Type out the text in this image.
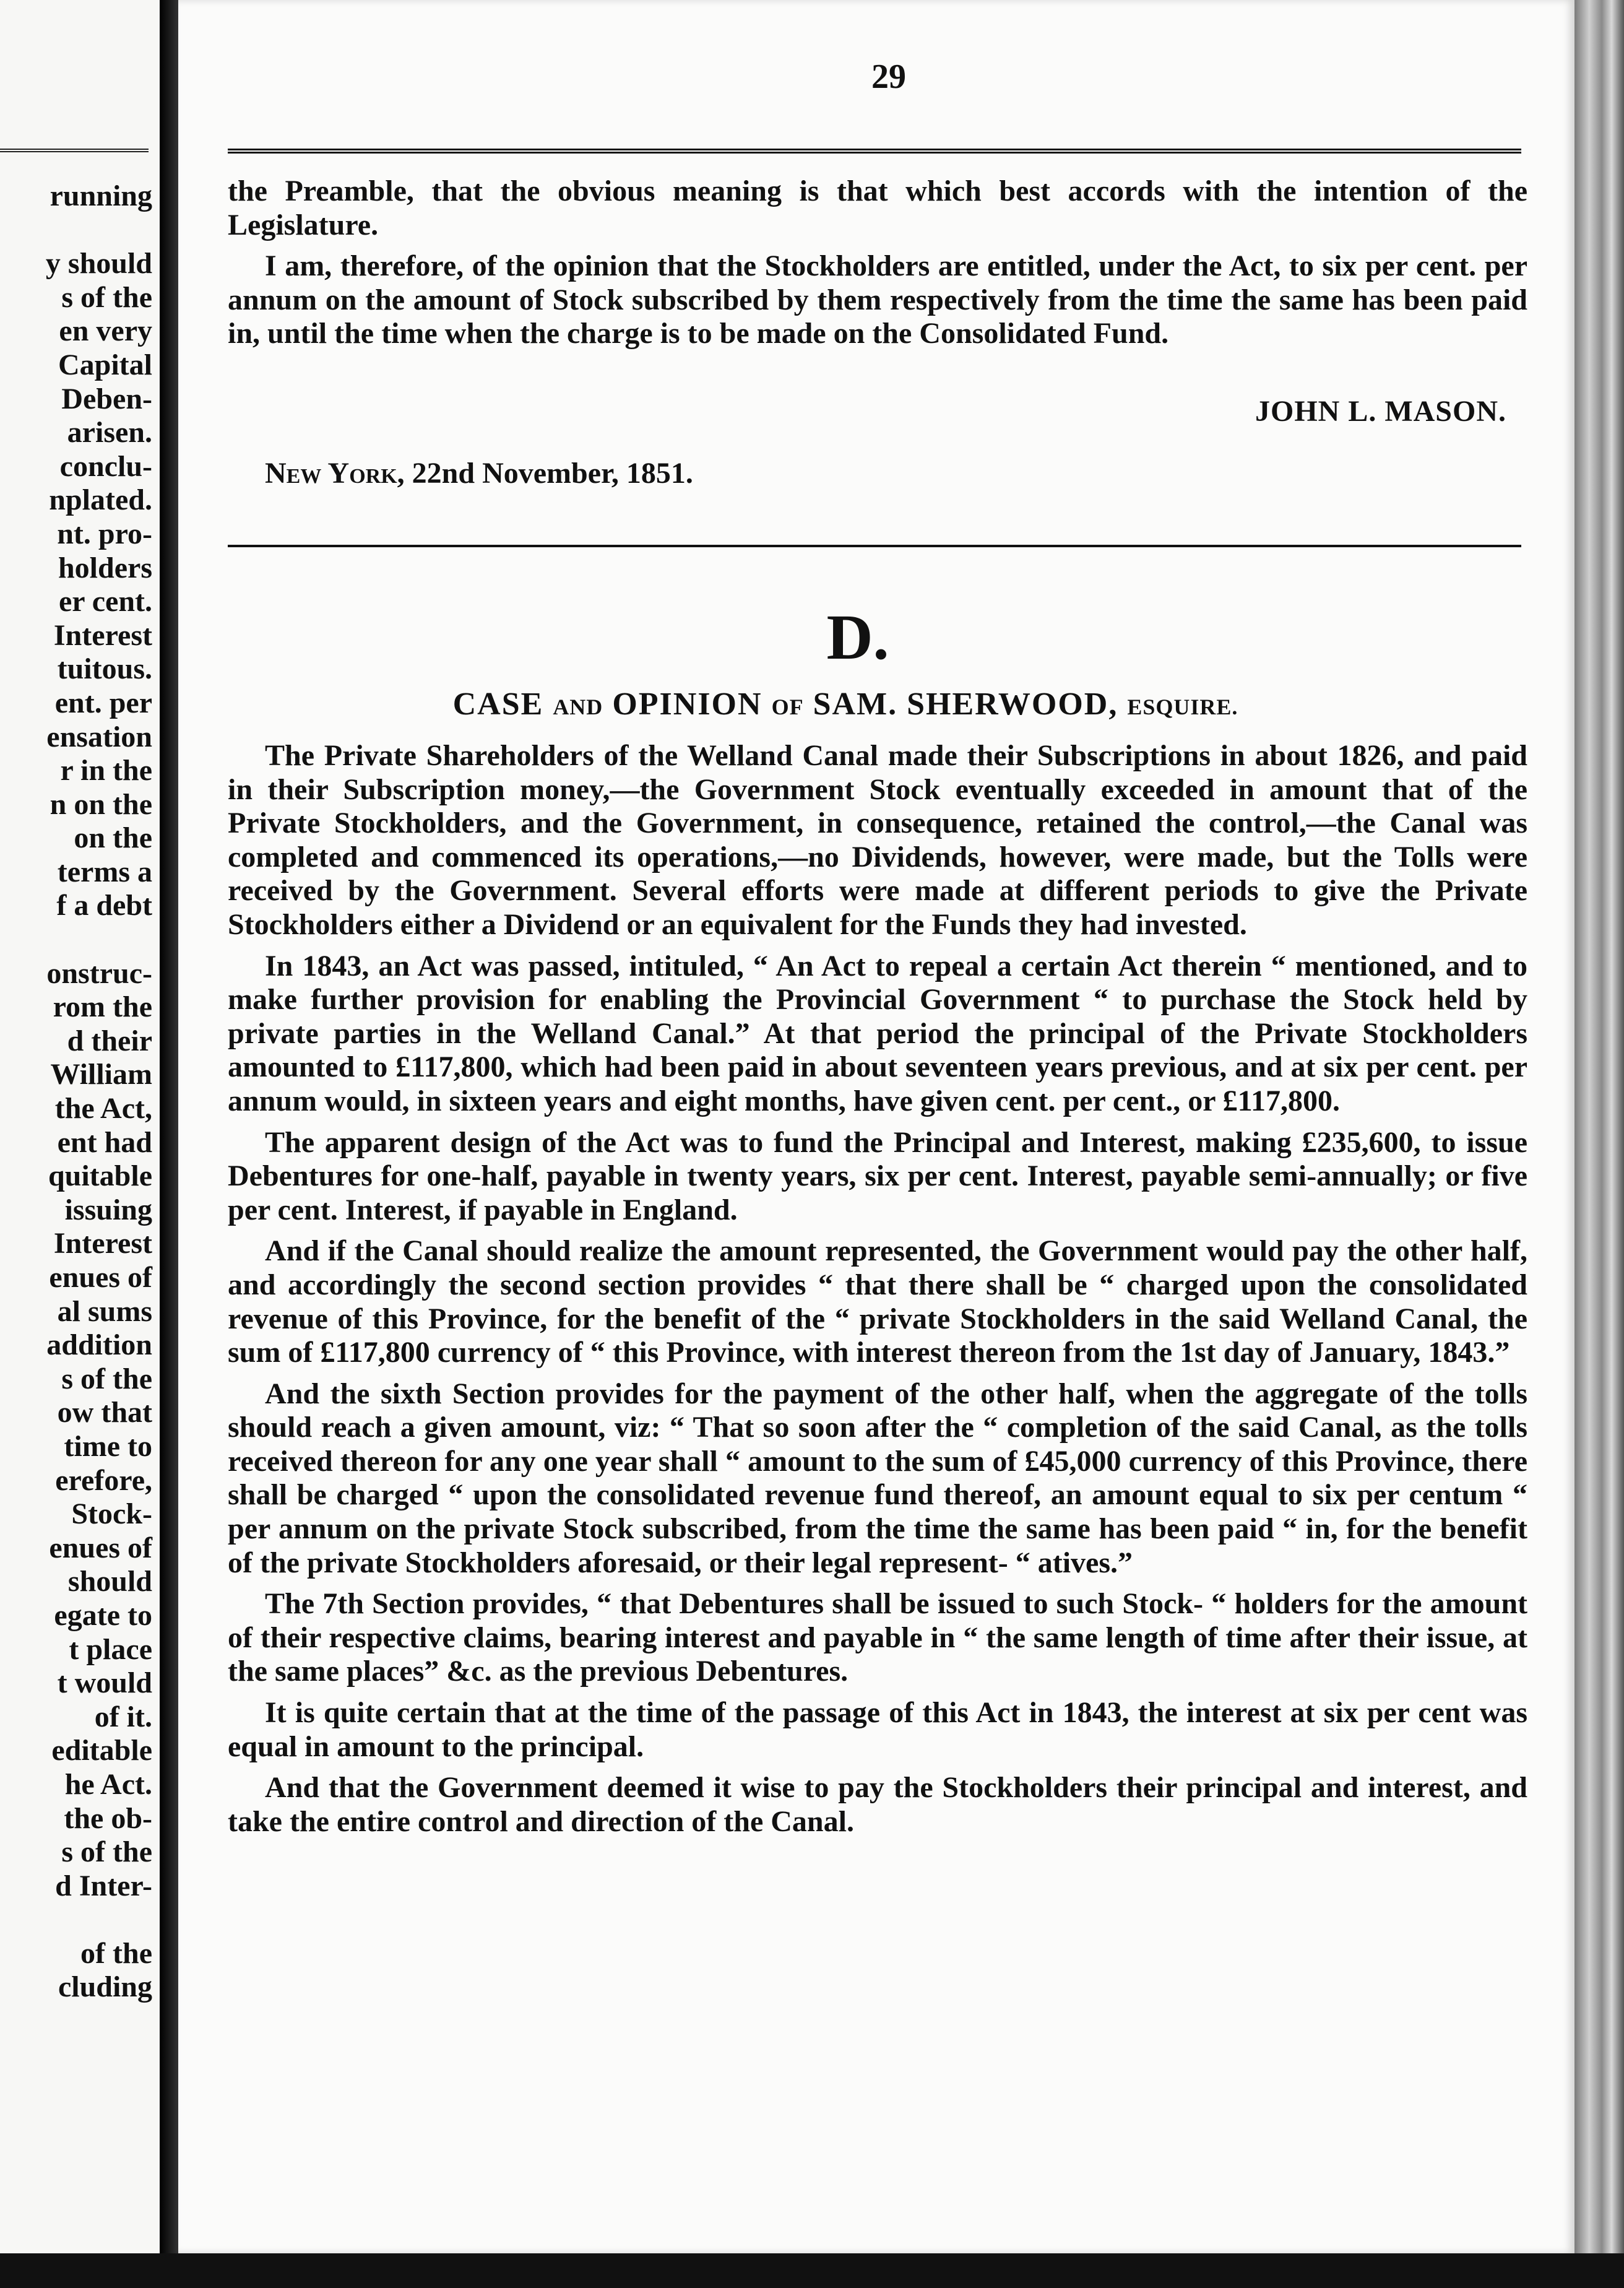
running

y should
s of the
en very
Capital
Deben-
arisen.
conclu-
nplated.
nt. pro-
holders
er cent.
Interest
tuitous.
ent. per
ensation
r in the
n on the
on the
terms a
f a debt

onstruc-
rom the
d their
William
the Act,
ent had
quitable
issuing
Interest
enues of
al sums
addition
s of the
ow that
time to
erefore,
Stock-
enues of
should
egate to
t place
t would
of it.
editable
he Act.
the ob-
s of the
d Inter-

of the
cluding
29

the Preamble, that the obvious meaning is that which best accords with the intention of the Legislature.

I am, therefore, of the opinion that the Stockholders are entitled, under the Act, to six per cent. per annum on the amount of Stock subscribed by them respectively from the time the same has been paid in, until the time when the charge is to be made on the Consolidated Fund.

JOHN L. MASON.
New York, 22nd November, 1851.
D.
CASE AND OPINION OF SAM. SHERWOOD, ESQUIRE.

The Private Shareholders of the Welland Canal made their Subscriptions in about 1826, and paid in their Subscription money,—the Government Stock eventually exceeded in amount that of the Private Stockholders, and the Government, in consequence, retained the control,—the Canal was completed and commenced its operations,—no Dividends, however, were made, but the Tolls were received by the Government. Several efforts were made at different periods to give the Private Stockholders either a Dividend or an equivalent for the Funds they had invested.

In 1843, an Act was passed, intituled, “ An Act to repeal a certain Act therein “ mentioned, and to make further provision for enabling the Provincial Government “ to purchase the Stock held by private parties in the Welland Canal.” At that period the principal of the Private Stockholders amounted to £117,800, which had been paid in about seventeen years previous, and at six per cent. per annum would, in sixteen years and eight months, have given cent. per cent., or £117,800.

The apparent design of the Act was to fund the Principal and Interest, making £235,600, to issue Debentures for one-half, payable in twenty years, six per cent. Interest, payable semi-annually; or five per cent. Interest, if payable in England.

And if the Canal should realize the amount represented, the Government would pay the other half, and accordingly the second section provides “ that there shall be “ charged upon the consolidated revenue of this Province, for the benefit of the “ private Stockholders in the said Welland Canal, the sum of £117,800 currency of “ this Province, with interest thereon from the 1st day of January, 1843.”

And the sixth Section provides for the payment of the other half, when the aggregate of the tolls should reach a given amount, viz: “ That so soon after the “ completion of the said Canal, as the tolls received thereon for any one year shall “ amount to the sum of £45,000 currency of this Province, there shall be charged “ upon the consolidated revenue fund thereof, an amount equal to six per centum “ per annum on the private Stock subscribed, from the time the same has been paid “ in, for the benefit of the private Stockholders aforesaid, or their legal represent- “ atives.”

The 7th Section provides, “ that Debentures shall be issued to such Stock- “ holders for the amount of their respective claims, bearing interest and payable in “ the same length of time after their issue, at the same places” &c. as the previous Debentures.

It is quite certain that at the time of the passage of this Act in 1843, the interest at six per cent was equal in amount to the principal.

And that the Government deemed it wise to pay the Stockholders their principal and interest, and take the entire control and direction of the Canal.
